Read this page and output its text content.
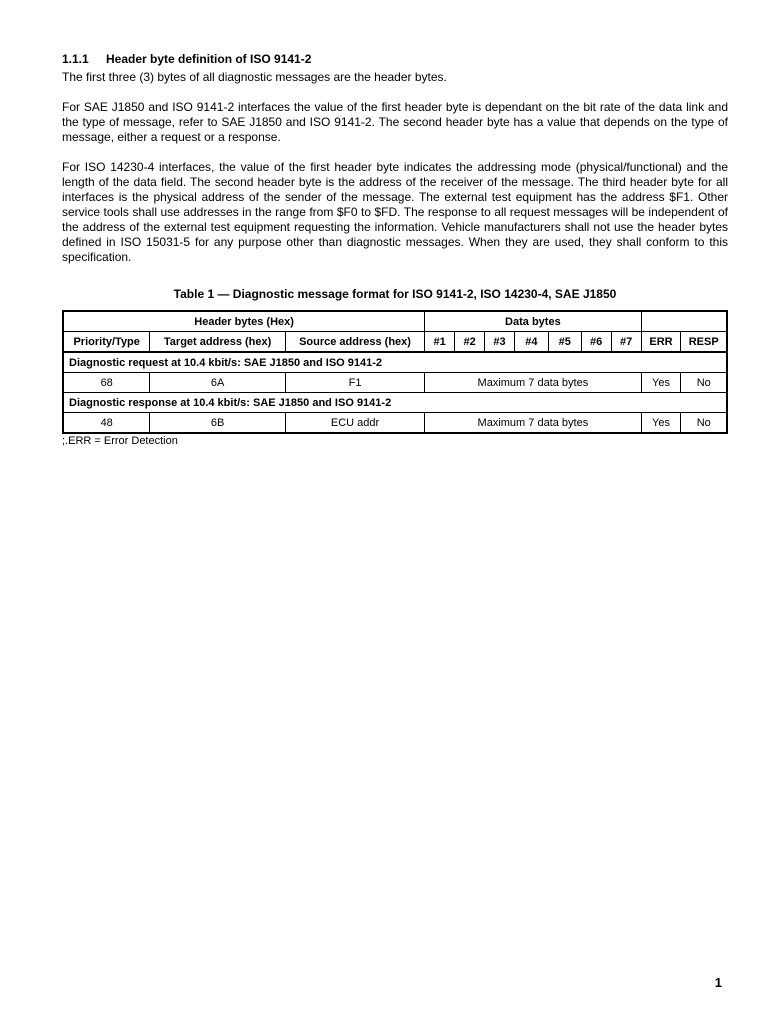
1.1.1 Header byte definition of ISO 9141-2

The first three (3) bytes of all diagnostic messages are the header bytes.

For SAE J1850 and ISO 9141-2 interfaces the value of the first header byte is dependant on the bit rate of the data link and the type of message, refer to SAE J1850 and ISO 9141-2. The second header byte has a value that depends on the type of message, either a request or a response.

For ISO 14230-4 interfaces, the value of the first header byte indicates the addressing mode (physical/functional) and the length of the data field. The second header byte is the address of the receiver of the message. The third header byte for all interfaces is the physical address of the sender of the message. The external test equipment has the address $F1. Other service tools shall use addresses in the range from $F0 to $FD. The response to all request messages will be independent of the address of the external test equipment requesting the information. Vehicle manufacturers shall not use the header bytes defined in ISO 15031-5 for any purpose other than diagnostic messages. When they are used, they shall conform to this specification.

Table 1 — Diagnostic message format for ISO 9141-2, ISO 14230-4, SAE J1850
Header bytes (Hex)			Data bytes								
Priority/Type	Target address (hex)	Source address (hex)	#1	#2	#3	#4	#5	#6	#7	ERR	RESP
Diagnostic request at 10.4 kbit/s: SAE J1850 and ISO 9141-2											
68	6A	F1	Maximum 7 data bytes							Yes	No
Diagnostic response at 10.4 kbit/s: SAE J1850 and ISO 9141-2											
48	6B	ECU addr	Maximum 7 data bytes							Yes	No
;.ERR = Error Detection
1
